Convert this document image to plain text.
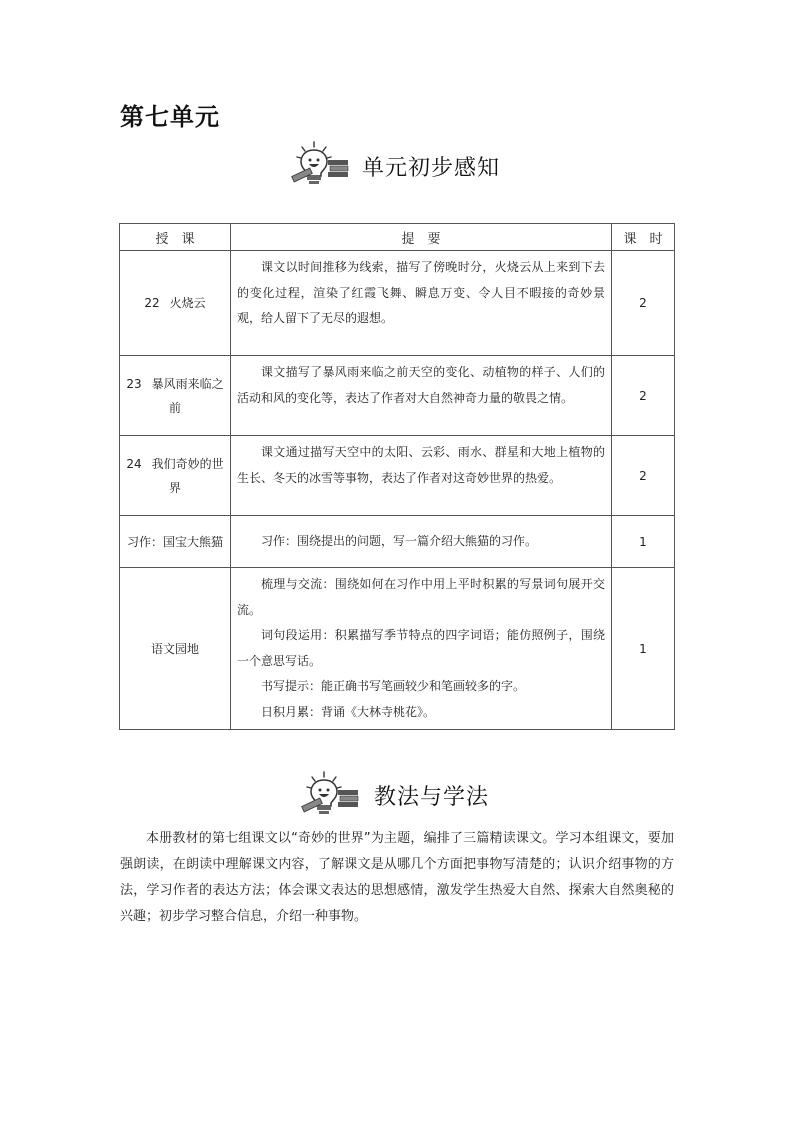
第七单元
单元初步感知
授　课	提　要	课　时
22 火烧云	课文以时间推移为线索，描写了傍晚时分，火烧云从上来到下去的变化过程，渲染了红霞飞舞、瞬息万变、令人目不暇接的奇妙景观，给人留下了无尽的遐想。	2
23 暴风雨来临之前	课文描写了暴风雨来临之前天空的变化、动植物的样子、人们的活动和风的变化等，表达了作者对大自然神奇力量的敬畏之情。	2
24 我们奇妙的世界	课文通过描写天空中的太阳、云彩、雨水、群星和大地上植物的生长、冬天的冰雪等事物，表达了作者对这奇妙世界的热爱。	2
习作：国宝大熊猫	习作：围绕提出的问题，写一篇介绍大熊猫的习作。	1
语文园地	梳理与交流：围绕如何在习作中用上平时积累的写景词句展开交流。

词句段运用：积累描写季节特点的四字词语；能仿照例子，围绕一个意思写话。

书写提示：能正确书写笔画较少和笔画较多的字。

日积月累：背诵《大林寺桃花》。	1
教法与学法

本册教材的第七组课文以“奇妙的世界”为主题，编排了三篇精读课文。学习本组课文，要加强朗读，在朗读中理解课文内容，了解课文是从哪几个方面把事物写清楚的；认识介绍事物的方法，学习作者的表达方法；体会课文表达的思想感情，激发学生热爱大自然、探索大自然奥秘的兴趣；初步学习整合信息，介绍一种事物。
